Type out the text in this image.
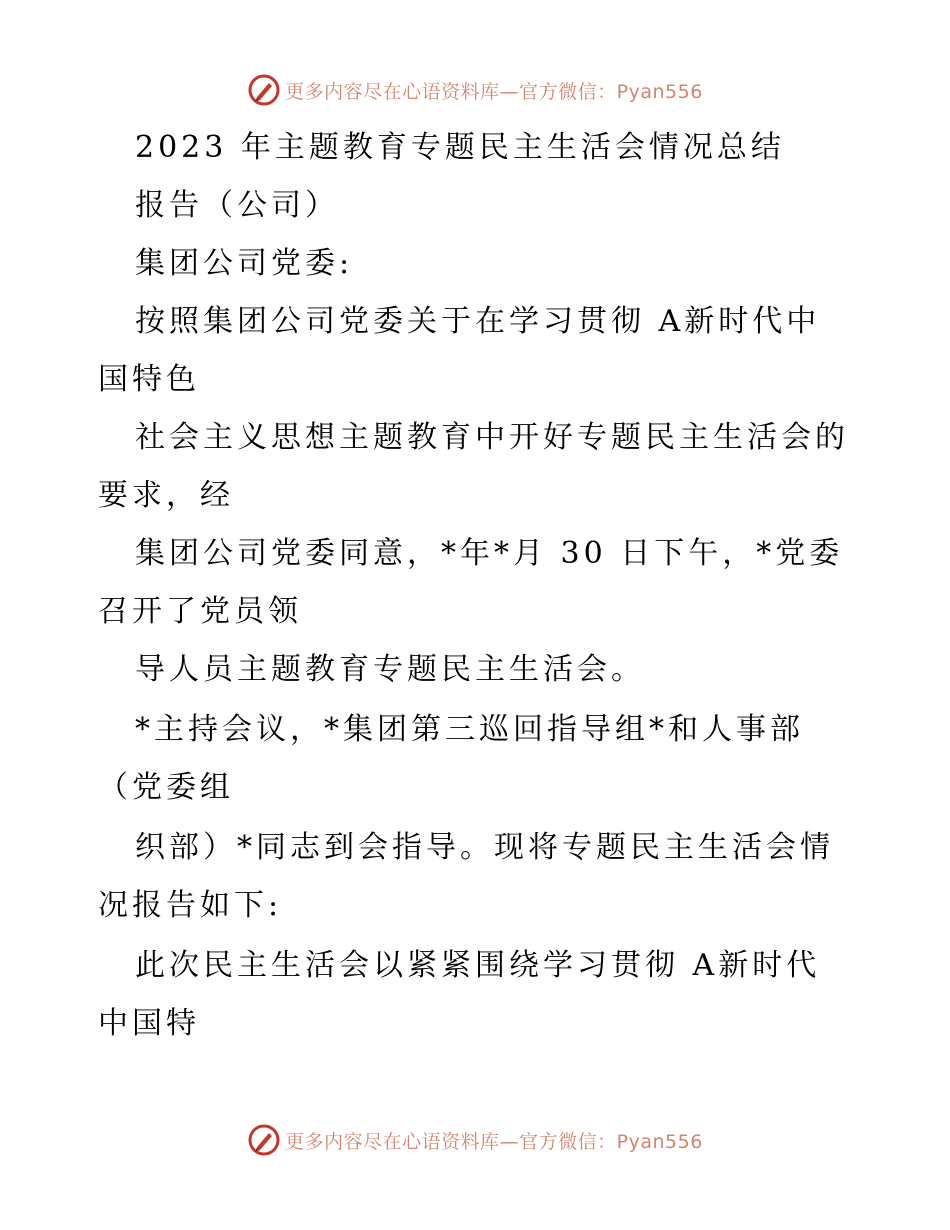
更多内容尽在心语资料库—官方微信：Pyan556
2023 年主题教育专题民主生活会情况总结
报告（公司）
集团公司党委:
按照集团公司党委关于在学习贯彻 A新时代中
国特色
社会主义思想主题教育中开好专题民主生活会的
要求，经
集团公司党委同意，*年*月 30 日下午，*党委
召开了党员领
导人员主题教育专题民主生活会。
*主持会议，*集团第三巡回指导组*和人事部
（党委组
织部）*同志到会指导。现将专题民主生活会情
况报告如下:
此次民主生活会以紧紧围绕学习贯彻 A新时代
中国特
更多内容尽在心语资料库—官方微信：Pyan556
